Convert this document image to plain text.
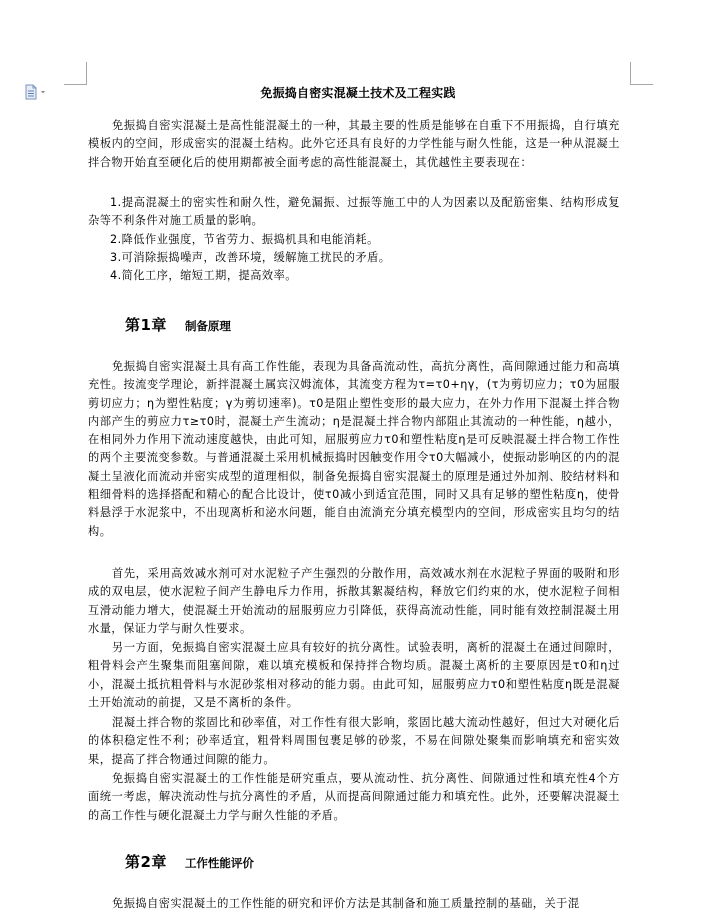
免振捣自密实混凝土技术及工程实践

免振捣自密实混凝土是高性能混凝土的一种，其最主要的性质是能够在自重下不用振捣，自行填充模板内的空间，形成密实的混凝土结构。此外它还具有良好的力学性能与耐久性能，这是一种从混凝土拌合物开始直至硬化后的使用期都被全面考虑的高性能混凝土，其优越性主要表现在：

1.提高混凝土的密实性和耐久性，避免漏振、过振等施工中的人为因素以及配筋密集、结构形成复杂等不利条件对施工质量的影响。

2.降低作业强度，节省劳力、振捣机具和电能消耗。

3.可消除振捣噪声，改善环境，缓解施工扰民的矛盾。

4.简化工序，缩短工期，提高效率。

第1章 制备原理

免振捣自密实混凝土具有高工作性能，表现为具备高流动性，高抗分离性，高间隙通过能力和高填充性。按流变学理论，新拌混凝土属宾汉姆流体，其流变方程为τ=τ0+ηγ，(τ为剪切应力；τ0为屈服剪切应力；η为塑性粘度；γ为剪切速率)。τ0是阻止塑性变形的最大应力，在外力作用下混凝土拌合物内部产生的剪应力τ≥τ0时，混凝土产生流动；η是混凝土拌合物内部阻止其流动的一种性能，η越小，在相同外力作用下流动速度越快，由此可知，屈服剪应力τ0和塑性粘度η是可反映混凝土拌合物工作性的两个主要流变参数。与普通混凝土采用机械振捣时因触变作用令τ0大幅减小，使振动影响区的内的混凝土呈液化而流动并密实成型的道理相似，制备免振捣自密实混凝土的原理是通过外加剂、胶结材料和粗细骨料的选择搭配和精心的配合比设计，使τ0减小到适宜范围，同时又具有足够的塑性粘度η，使骨料悬浮于水泥浆中，不出现离析和泌水问题，能自由流淌充分填充模型内的空间，形成密实且均匀的结构。

首先，采用高效减水剂可对水泥粒子产生强烈的分散作用，高效减水剂在水泥粒子界面的吸附和形成的双电层，使水泥粒子间产生静电斥力作用，拆散其絮凝结构，释放它们约束的水，使水泥粒子间相互滑动能力增大，使混凝土开始流动的屈服剪应力引降低，获得高流动性能，同时能有效控制混凝土用水量，保证力学与耐久性要求。

另一方面，免振捣自密实混凝土应具有较好的抗分离性。试验表明，离析的混凝土在通过间隙时，粗骨料会产生聚集而阻塞间隙，难以填充模板和保持拌合物均质。混凝土离析的主要原因是τ0和η过小，混凝土抵抗粗骨料与水泥砂浆相对移动的能力弱。由此可知，屈服剪应力τ0和塑性粘度η既是混凝土开始流动的前提，又是不离析的条件。

混凝土拌合物的浆固比和砂率值，对工作性有很大影响，浆固比越大流动性越好，但过大对硬化后的体积稳定性不利；砂率适宜，粗骨料周围包裹足够的砂浆，不易在间隙处聚集而影响填充和密实效果，提高了拌合物通过间隙的能力。

免振捣自密实混凝土的工作性能是研究重点，要从流动性、抗分离性、间隙通过性和填充性4个方面统一考虑，解决流动性与抗分离性的矛盾，从而提高间隙通过能力和填充性。此外，还要解决混凝土的高工作性与硬化混凝土力学与耐久性能的矛盾。

第2章 工作性能评价

免振捣自密实混凝土的工作性能的研究和评价方法是其制备和施工质量控制的基础，关于混
